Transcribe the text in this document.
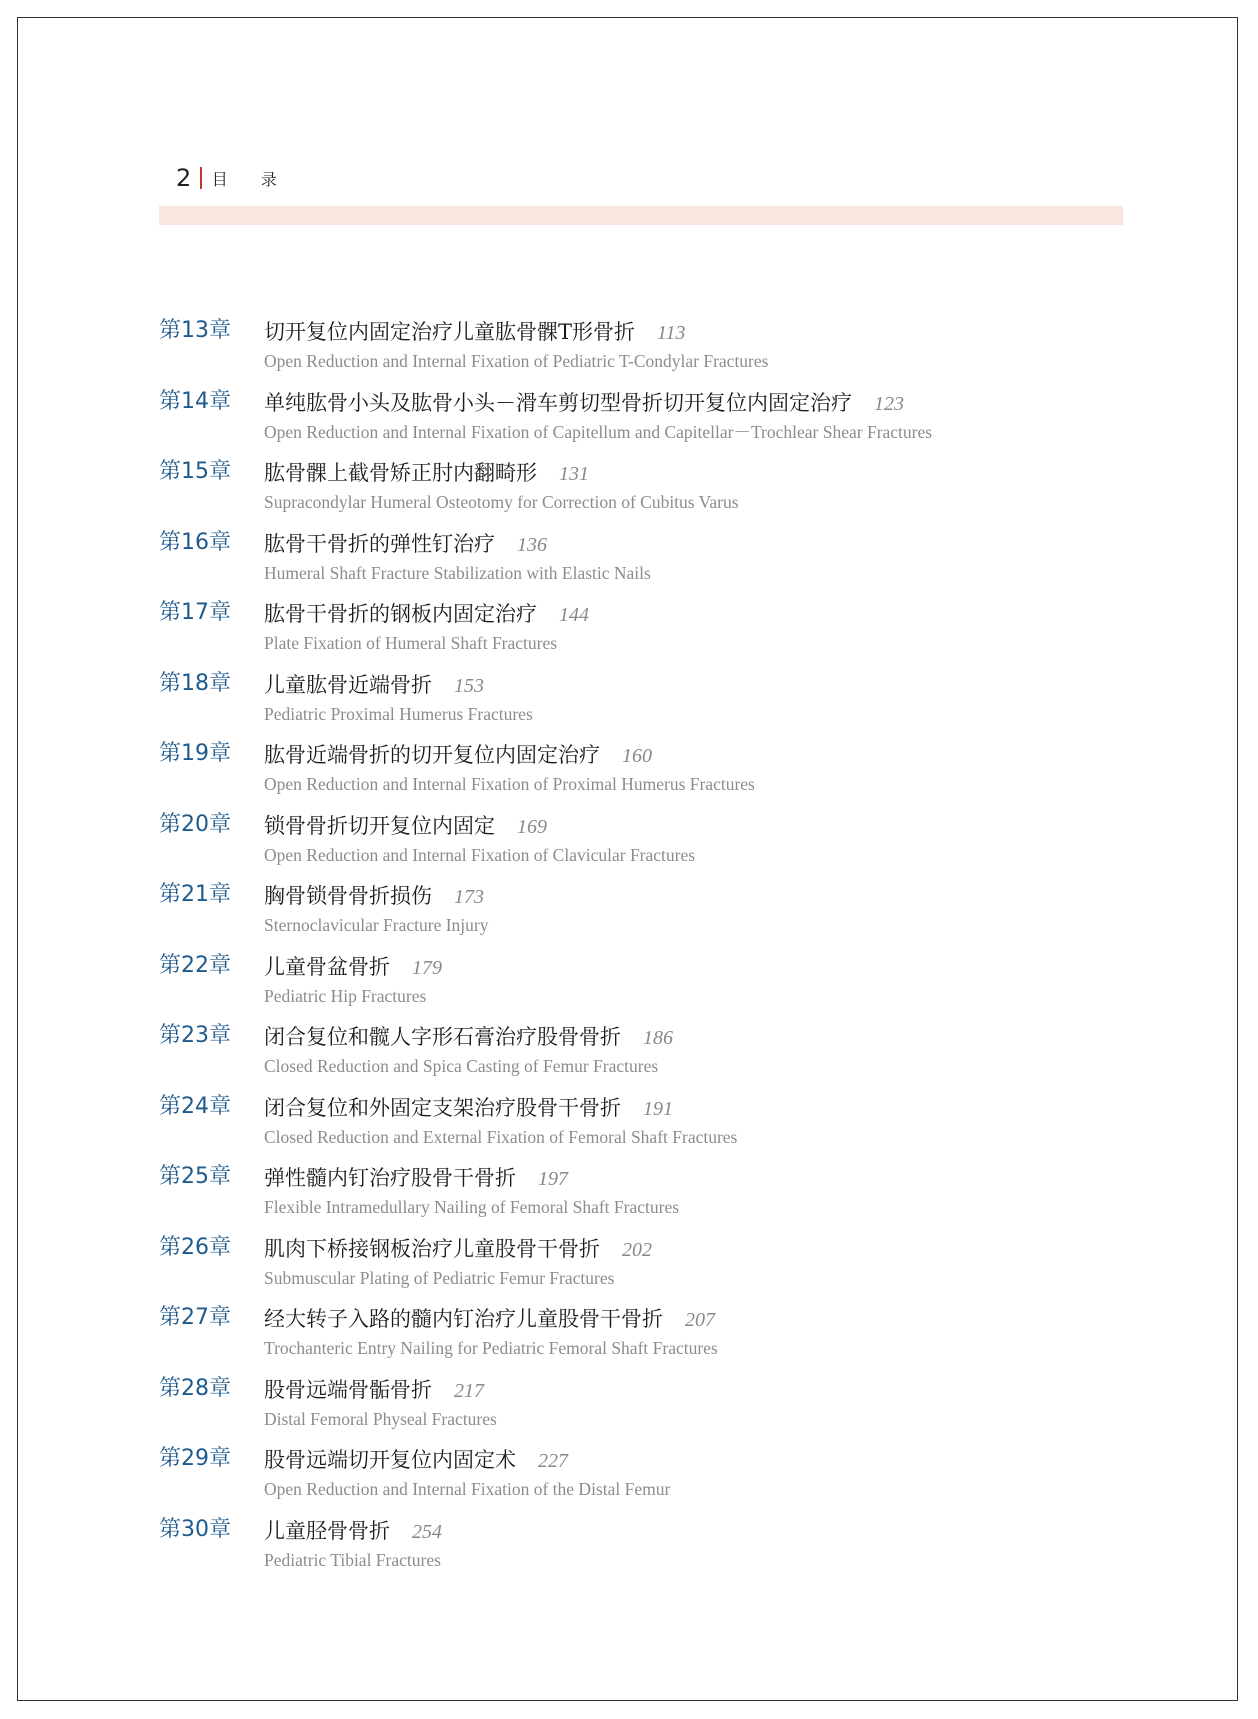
2 目 录
第13章 切开复位内固定治疗儿童肱骨髁T形骨折 113
Open Reduction and Internal Fixation of Pediatric T-Condylar Fractures
第14章 单纯肱骨小头及肱骨小头－滑车剪切型骨折切开复位内固定治疗 123
Open Reduction and Internal Fixation of Capitellum and Capitellar－Trochlear Shear Fractures
第15章 肱骨髁上截骨矫正肘内翻畸形 131
Supracondylar Humeral Osteotomy for Correction of Cubitus Varus
第16章 肱骨干骨折的弹性钉治疗 136
Humeral Shaft Fracture Stabilization with Elastic Nails
第17章 肱骨干骨折的钢板内固定治疗 144
Plate Fixation of Humeral Shaft Fractures
第18章 儿童肱骨近端骨折 153
Pediatric Proximal Humerus Fractures
第19章 肱骨近端骨折的切开复位内固定治疗 160
Open Reduction and Internal Fixation of Proximal Humerus Fractures
第20章 锁骨骨折切开复位内固定 169
Open Reduction and Internal Fixation of Clavicular Fractures
第21章 胸骨锁骨骨折损伤 173
Sternoclavicular Fracture Injury
第22章 儿童骨盆骨折 179
Pediatric Hip Fractures
第23章 闭合复位和髋人字形石膏治疗股骨骨折 186
Closed Reduction and Spica Casting of Femur Fractures
第24章 闭合复位和外固定支架治疗股骨干骨折 191
Closed Reduction and External Fixation of Femoral Shaft Fractures
第25章 弹性髓内钉治疗股骨干骨折 197
Flexible Intramedullary Nailing of Femoral Shaft Fractures
第26章 肌肉下桥接钢板治疗儿童股骨干骨折 202
Submuscular Plating of Pediatric Femur Fractures
第27章 经大转子入路的髓内钉治疗儿童股骨干骨折 207
Trochanteric Entry Nailing for Pediatric Femoral Shaft Fractures
第28章 股骨远端骨骺骨折 217
Distal Femoral Physeal Fractures
第29章 股骨远端切开复位内固定术 227
Open Reduction and Internal Fixation of the Distal Femur
第30章 儿童胫骨骨折 254
Pediatric Tibial Fractures
